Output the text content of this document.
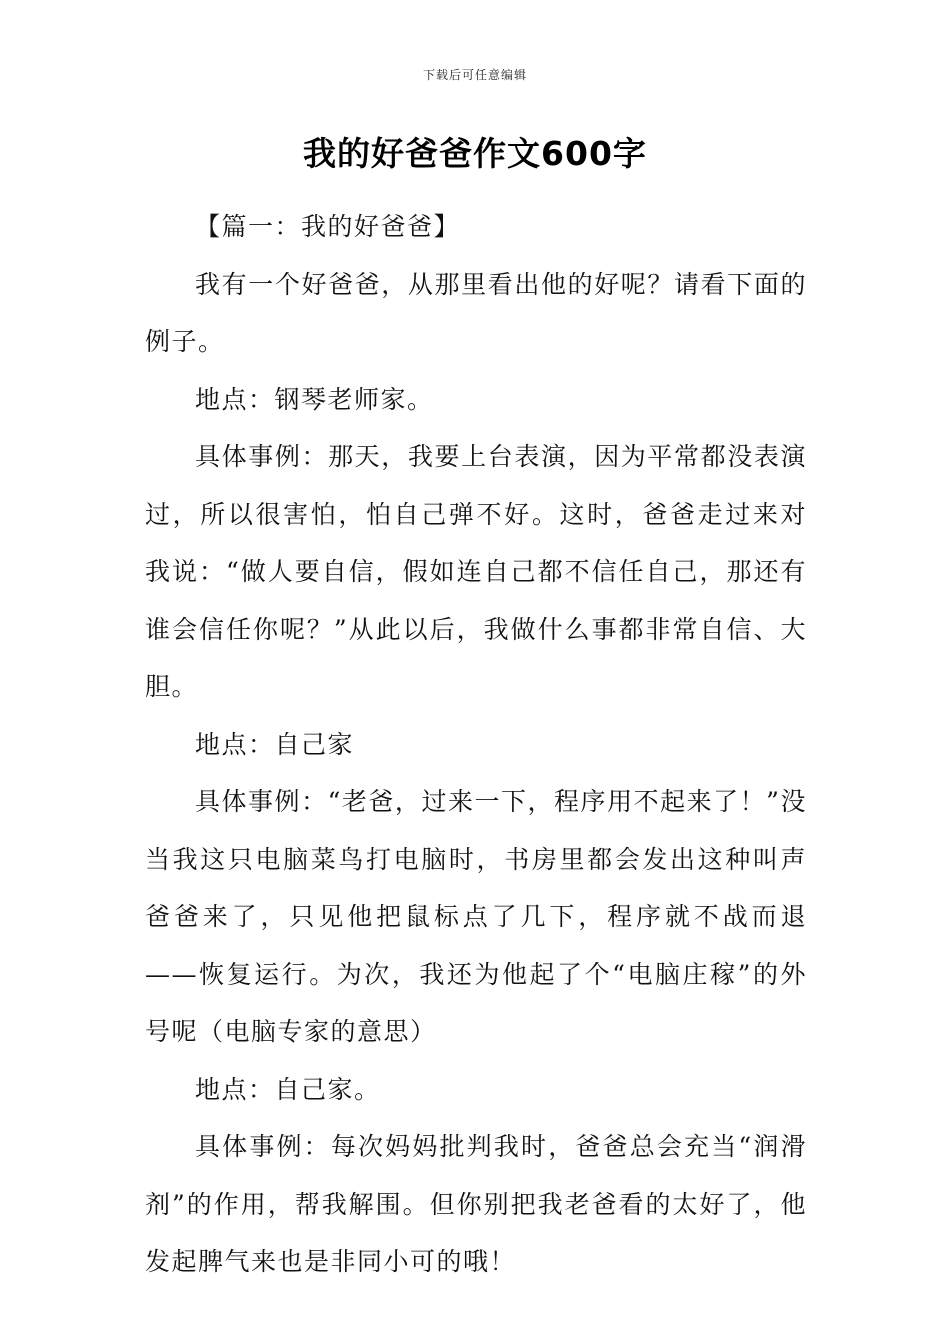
下载后可任意编辑
我的好爸爸作文600字

【篇一：我的好爸爸】

我有一个好爸爸，从那里看出他的好呢？请看下面的例子。

地点：钢琴老师家。

具体事例：那天，我要上台表演，因为平常都没表演过，所以很害怕，怕自己弹不好。这时，爸爸走过来对我说：“做人要自信，假如连自己都不信任自己，那还有谁会信任你呢？”从此以后，我做什么事都非常自信、大胆。

地点：自己家

具体事例：“老爸，过来一下，程序用不起来了！”没当我这只电脑菜鸟打电脑时，书房里都会发出这种叫声爸爸来了，只见他把鼠标点了几下，程序就不战而退——恢复运行。为次，我还为他起了个“电脑庄稼”的外号呢（电脑专家的意思）

地点：自己家。

具体事例：每次妈妈批判我时，爸爸总会充当“润滑剂”的作用，帮我解围。但你别把我老爸看的太好了，他发起脾气来也是非同小可的哦！
